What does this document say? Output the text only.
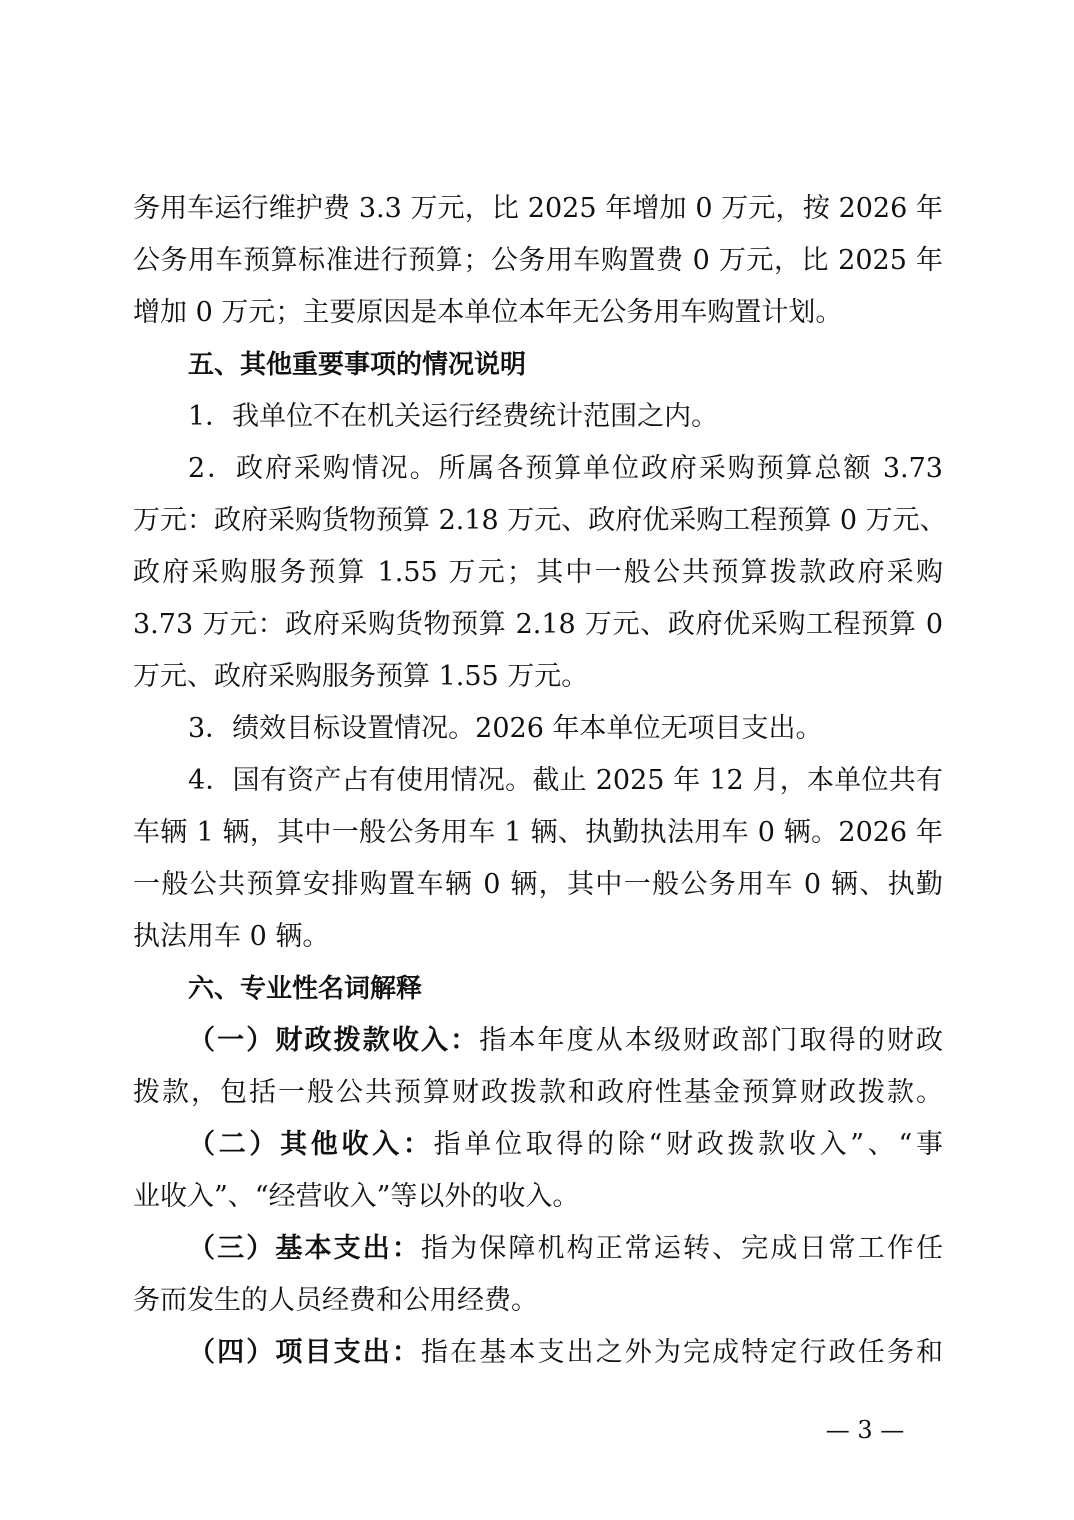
务用车运行维护费 3.3 万元，比 2025 年增加 0 万元，按 2026 年
公务用车预算标准进行预算；公务用车购置费 0 万元，比 2025 年
增加 0 万元；主要原因是本单位本年无公务用车购置计划。
五、其他重要事项的情况说明
1．我单位不在机关运行经费统计范围之内。
2．政府采购情况。所属各预算单位政府采购预算总额 3.73
万元：政府采购货物预算 2.18 万元、政府优采购工程预算 0 万元、
政府采购服务预算 1.55 万元；其中一般公共预算拨款政府采购
3.73 万元：政府采购货物预算 2.18 万元、政府优采购工程预算 0
万元、政府采购服务预算 1.55 万元。
3．绩效目标设置情况。2026 年本单位无项目支出。
4．国有资产占有使用情况。截止 2025 年 12 月，本单位共有
车辆 1 辆，其中一般公务用车 1 辆、执勤执法用车 0 辆。2026 年
一般公共预算安排购置车辆 0 辆，其中一般公务用车 0 辆、执勤
执法用车 0 辆。
六、专业性名词解释
（一）财政拨款收入：指本年度从本级财政部门取得的财政
拨款，包括一般公共预算财政拨款和政府性基金预算财政拨款。
（二）其他收入：指单位取得的除“财政拨款收入”、“事
业收入”、“经营收入”等以外的收入。
（三）基本支出：指为保障机构正常运转、完成日常工作任
务而发生的人员经费和公用经费。
（四）项目支出：指在基本支出之外为完成特定行政任务和
— 3 —
